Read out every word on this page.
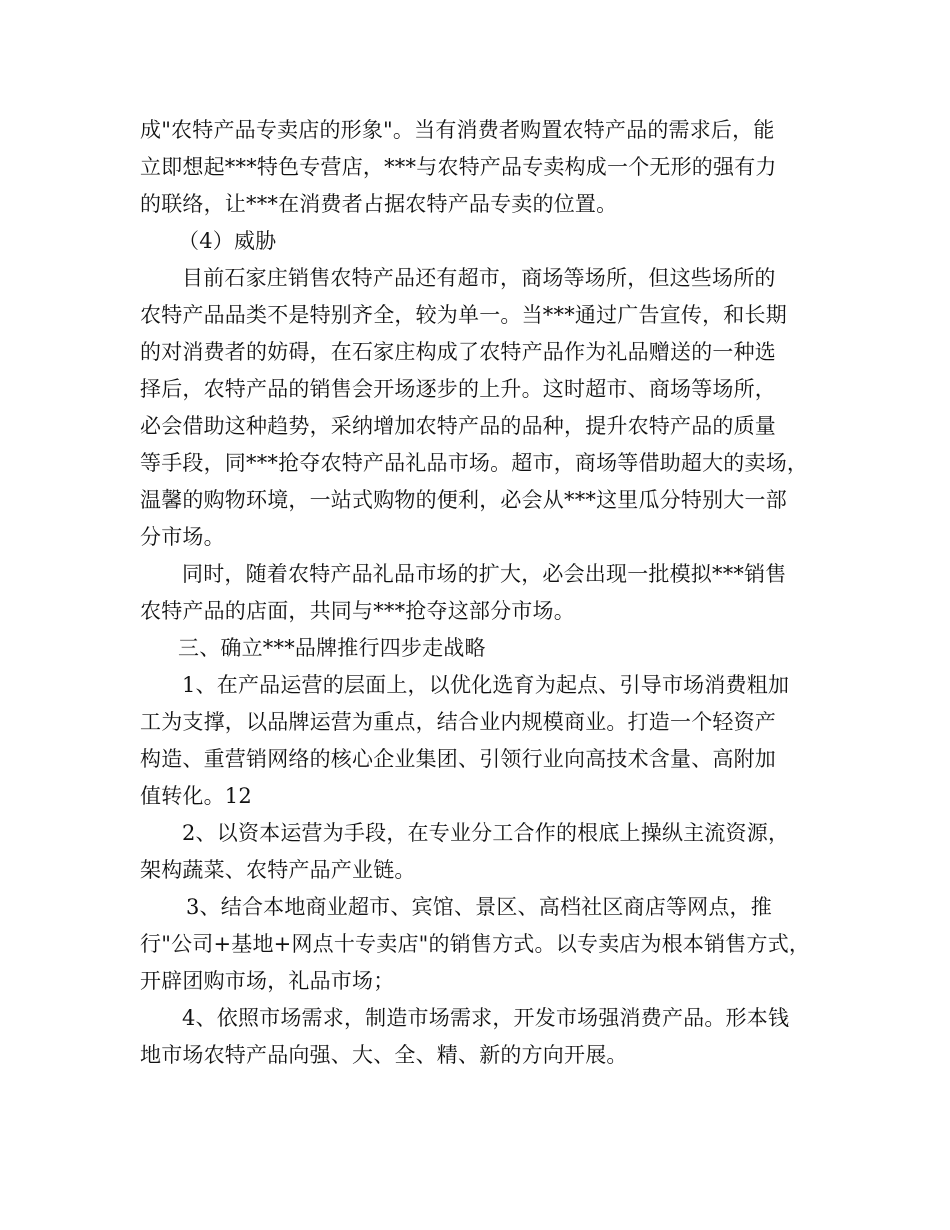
成"农特产品专卖店的形象"。当有消费者购置农特产品的需求后，能
立即想起***特色专营店，***与农特产品专卖构成一个无形的强有力
的联络，让***在消费者占据农特产品专卖的位置。
（4）威胁
目前石家庄销售农特产品还有超市，商场等场所，但这些场所的
农特产品品类不是特别齐全，较为单一。当***通过广告宣传，和长期
的对消费者的妨碍，在石家庄构成了农特产品作为礼品赠送的一种选
择后，农特产品的销售会开场逐步的上升。这时超市、商场等场所，
必会借助这种趋势，采纳增加农特产品的品种，提升农特产品的质量
等手段，同***抢夺农特产品礼品市场。超市，商场等借助超大的卖场，
温馨的购物环境，一站式购物的便利，必会从***这里瓜分特别大一部
分市场。
同时，随着农特产品礼品市场的扩大，必会出现一批模拟***销售
农特产品的店面，共同与***抢夺这部分市场。
三、确立***品牌推行四步走战略
1、在产品运营的层面上，以优化选育为起点、引导市场消费粗加
工为支撑，以品牌运营为重点，结合业内规模商业。打造一个轻资产
构造、重营销网络的核心企业集团、引领行业向高技术含量、高附加
值转化。12
2、以资本运营为手段，在专业分工合作的根底上操纵主流资源，
架构蔬菜、农特产品产业链。
3、结合本地商业超市、宾馆、景区、高档社区商店等网点，推
行"公司+基地+网点十专卖店"的销售方式。以专卖店为根本销售方式，
开辟团购市场，礼品市场；
4、依照市场需求，制造市场需求，开发市场强消费产品。形本钱
地市场农特产品向强、大、全、精、新的方向开展。
